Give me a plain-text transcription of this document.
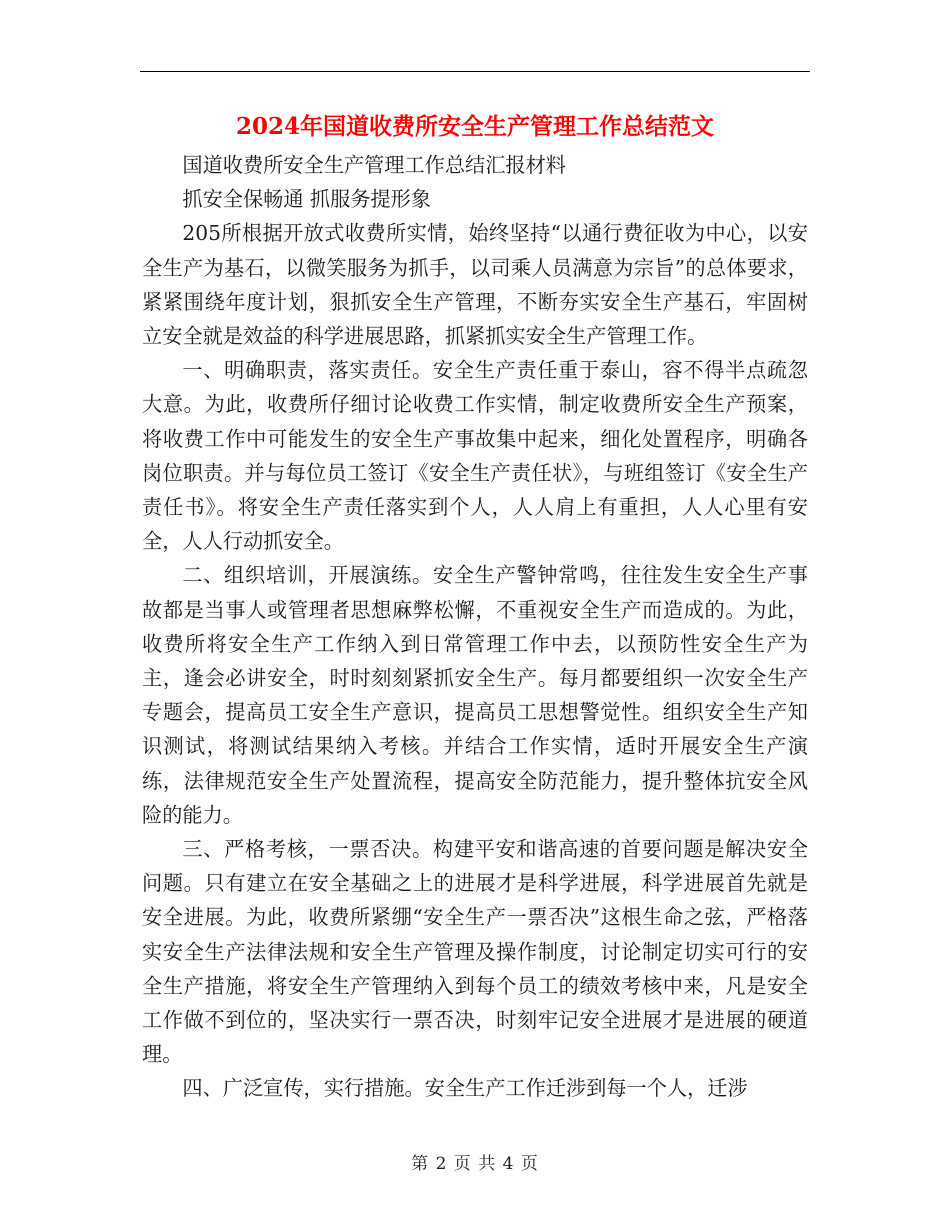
2024年国道收费所安全生产管理工作总结范文

国道收费所安全生产管理工作总结汇报材料

抓安全保畅通 抓服务提形象

205所根据开放式收费所实情，始终坚持“以通行费征收为中心，以安全生产为基石，以微笑服务为抓手，以司乘人员满意为宗旨”的总体要求，紧紧围绕年度计划，狠抓安全生产管理，不断夯实安全生产基石，牢固树立安全就是效益的科学进展思路，抓紧抓实安全生产管理工作。

一、明确职责，落实责任。安全生产责任重于泰山，容不得半点疏忽大意。为此，收费所仔细讨论收费工作实情，制定收费所安全生产预案，将收费工作中可能发生的安全生产事故集中起来，细化处置程序，明确各岗位职责。并与每位员工签订《安全生产责任状》，与班组签订《安全生产责任书》。将安全生产责任落实到个人，人人肩上有重担，人人心里有安全，人人行动抓安全。

二、组织培训，开展演练。安全生产警钟常鸣，往往发生安全生产事故都是当事人或管理者思想麻弊松懈，不重视安全生产而造成的。为此，收费所将安全生产工作纳入到日常管理工作中去，以预防性安全生产为主，逢会必讲安全，时时刻刻紧抓安全生产。每月都要组织一次安全生产专题会，提高员工安全生产意识，提高员工思想警觉性。组织安全生产知识测试，将测试结果纳入考核。并结合工作实情，适时开展安全生产演练，法律规范安全生产处置流程，提高安全防范能力，提升整体抗安全风险的能力。

三、严格考核，一票否决。构建平安和谐高速的首要问题是解决安全问题。只有建立在安全基础之上的进展才是科学进展，科学进展首先就是安全进展。为此，收费所紧绷“安全生产一票否决”这根生命之弦，严格落实安全生产法律法规和安全生产管理及操作制度，讨论制定切实可行的安全生产措施，将安全生产管理纳入到每个员工的绩效考核中来，凡是安全工作做不到位的，坚决实行一票否决，时刻牢记安全进展才是进展的硬道理。

四、广泛宣传，实行措施。安全生产工作迁涉到每一个人，迁涉

第 2 页 共 4 页
